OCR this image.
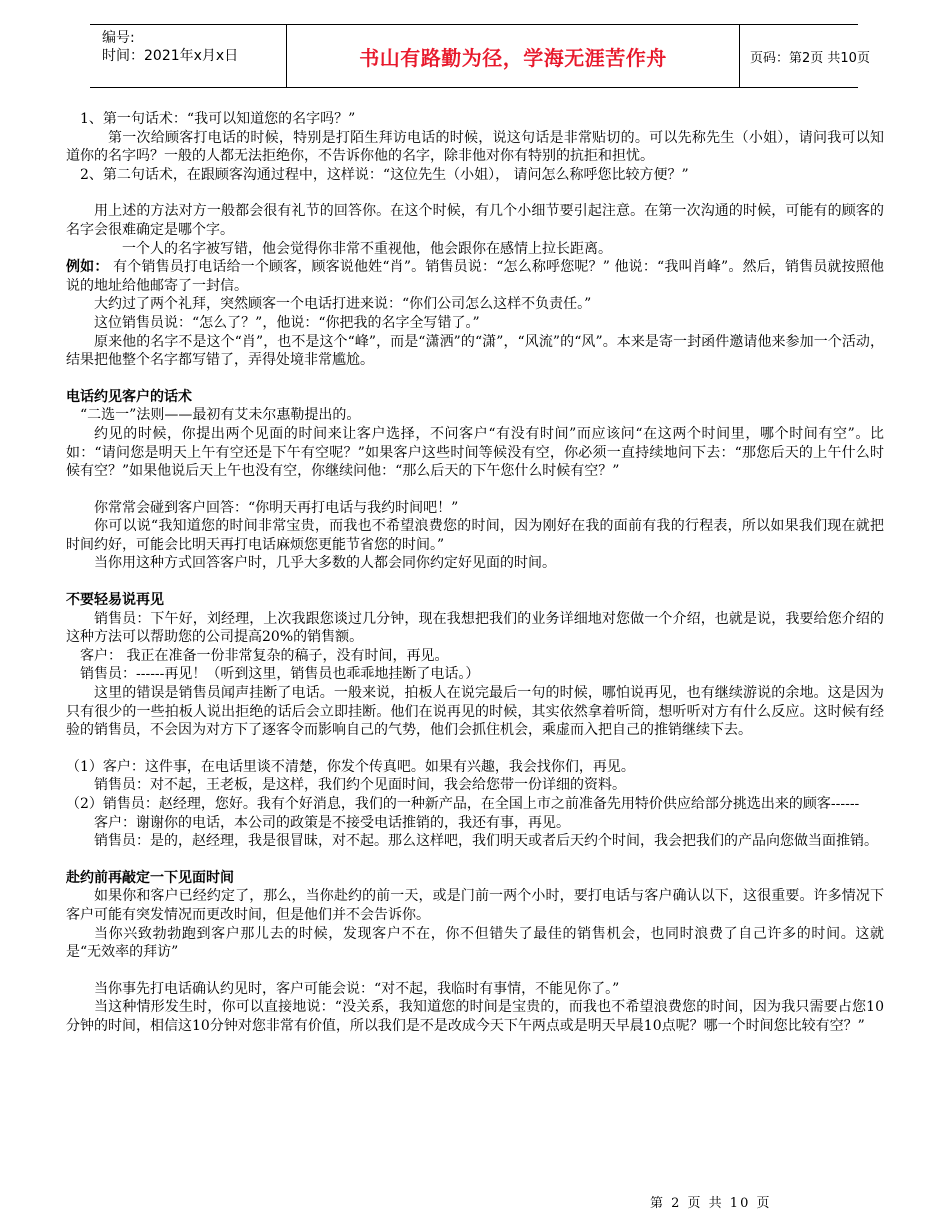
编号:
时间：2021年x月x日	书山有路勤为径，学海无涯苦作舟	页码：第2页 共10页

1、第一句话术：“我可以知道您的名字吗？”

第一次给顾客打电话的时候，特别是打陌生拜访电话的时候，说这句话是非常贴切的。可以先称先生（小姐），请问我可以知道你的名字吗？一般的人都无法拒绝你，不告诉你他的名字，除非他对你有特别的抗拒和担忧。

2、第二句话术，在跟顾客沟通过程中，这样说：“这位先生（小姐）， 请问怎么称呼您比较方便？”

用上述的方法对方一般都会很有礼节的回答你。在这个时候，有几个小细节要引起注意。在第一次沟通的时候，可能有的顾客的名字会很难确定是哪个字。

一个人的名字被写错，他会觉得你非常不重视他，他会跟你在感情上拉长距离。

例如： 有个销售员打电话给一个顾客，顾客说他姓“肖”。销售员说：“怎么称呼您呢？” 他说：“我叫肖峰”。然后，销售员就按照他说的地址给他邮寄了一封信。

大约过了两个礼拜，突然顾客一个电话打进来说：“你们公司怎么这样不负责任。”

这位销售员说：“怎么了？”，他说：“你把我的名字全写错了。”

原来他的名字不是这个“肖”，也不是这个“峰”，而是“潇洒”的“潇”，“风流”的“风”。本来是寄一封函件邀请他来参加一个活动，结果把他整个名字都写错了，弄得处境非常尴尬。

电话约见客户的话术

“二选一”法则——最初有艾未尔惠勒提出的。

约见的时候，你提出两个见面的时间来让客户选择，不问客户“有没有时间”而应该问“在这两个时间里，哪个时间有空”。比如：“请问您是明天上午有空还是下午有空呢？”如果客户这些时间等候没有空，你必须一直持续地问下去：“那您后天的上午什么时候有空？”如果他说后天上午也没有空，你继续问他：“那么后天的下午您什么时候有空？”

你常常会碰到客户回答：“你明天再打电话与我约时间吧！”

你可以说“我知道您的时间非常宝贵，而我也不希望浪费您的时间，因为刚好在我的面前有我的行程表，所以如果我们现在就把时间约好，可能会比明天再打电话麻烦您更能节省您的时间。”

当你用这种方式回答客户时，几乎大多数的人都会同你约定好见面的时间。

不要轻易说再见

销售员：下午好，刘经理，上次我跟您谈过几分钟，现在我想把我们的业务详细地对您做一个介绍，也就是说，我要给您介绍的这种方法可以帮助您的公司提高20%的销售额。

客户： 我正在准备一份非常复杂的稿子，没有时间，再见。

销售员：------再见！（听到这里，销售员也乖乖地挂断了电话。）

这里的错误是销售员闻声挂断了电话。一般来说，拍板人在说完最后一句的时候，哪怕说再见，也有继续游说的余地。这是因为只有很少的一些拍板人说出拒绝的话后会立即挂断。他们在说再见的时候，其实依然拿着听筒，想听听对方有什么反应。这时候有经验的销售员，不会因为对方下了逐客令而影响自己的气势，他们会抓住机会，乘虚而入把自己的推销继续下去。

（1）客户：这件事，在电话里谈不清楚，你发个传真吧。如果有兴趣，我会找你们，再见。

销售员：对不起，王老板，是这样，我们约个见面时间，我会给您带一份详细的资料。

（2）销售员：赵经理，您好。我有个好消息，我们的一种新产品，在全国上市之前准备先用特价供应给部分挑选出来的顾客------

客户：谢谢你的电话，本公司的政策是不接受电话推销的，我还有事，再见。

销售员：是的，赵经理，我是很冒昧，对不起。那么这样吧，我们明天或者后天约个时间，我会把我们的产品向您做当面推销。

赴约前再敲定一下见面时间

如果你和客户已经约定了，那么，当你赴约的前一天，或是门前一两个小时，要打电话与客户确认以下，这很重要。许多情况下客户可能有突发情况而更改时间，但是他们并不会告诉你。

当你兴致勃勃跑到客户那儿去的时候，发现客户不在，你不但错失了最佳的销售机会，也同时浪费了自己许多的时间。这就是“无效率的拜访”

当你事先打电话确认约见时，客户可能会说：“对不起，我临时有事情，不能见你了。”

当这种情形发生时，你可以直接地说：“没关系，我知道您的时间是宝贵的，而我也不希望浪费您的时间，因为我只需要占您10分钟的时间，相信这10分钟对您非常有价值，所以我们是不是改成今天下午两点或是明天早晨10点呢？哪一个时间您比较有空？”

第 2 页 共 10 页
